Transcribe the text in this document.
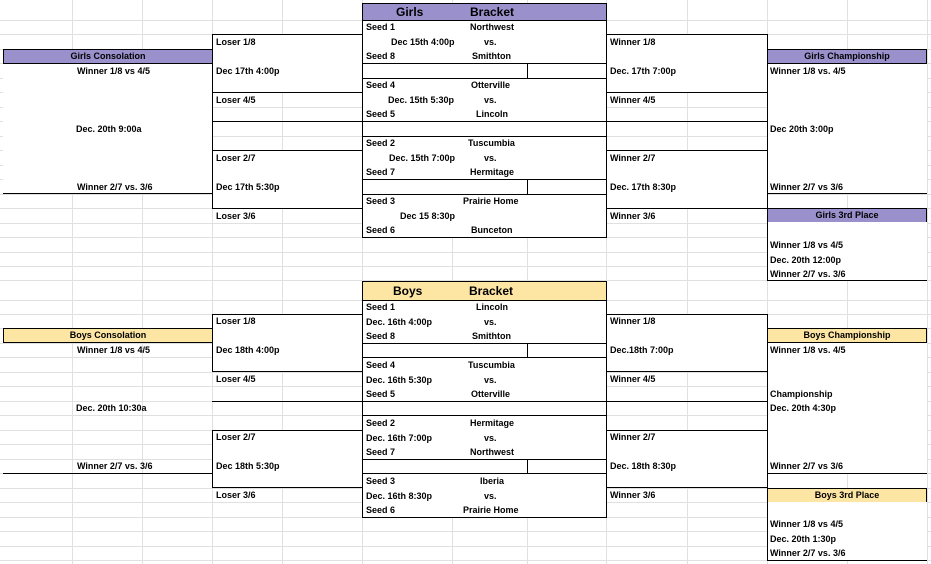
Girls	Bracket
Seed 1	Northwest
Dec 15th 4:00p	vs.
Seed 8	Smithton
Seed 4	Otterville
Dec. 15th 5:30p	vs.
Seed 5	Lincoln
Seed 2	Tuscumbia
Dec. 15th 7:00p	vs.
Seed 7	Hermitage
Seed 3	Prairie Home
Dec 15 8:30p
Seed 6	Bunceton
Loser 1/8
Dec 17th 4:00p
Loser 4/5
Loser 2/7
Dec 17th 5:30p
Loser 3/6
Winner 1/8
Dec. 17th 7:00p
Winner 4/5
Winner 2/7
Dec. 17th 8:30p
Winner 3/6
Girls Consolation
Winner 1/8 vs 4/5
Dec. 20th 9:00a
Winner 2/7 vs. 3/6
Girls Championship
Winner 1/8 vs. 4/5
Dec 20th 3:00p
Winner 2/7 vs 3/6
Girls 3rd Place
Winner 1/8 vs 4/5
Dec. 20th 12:00p
Winner 2/7 vs. 3/6
Boys	Bracket
Seed 1	Lincoln
Dec. 16th 4:00p	vs.
Seed 8	Smithton
Seed 4	Tuscumbia
Dec. 16th 5:30p	vs.
Seed 5	Otterville
Seed 2	Hermitage
Dec. 16th 7:00p	vs.
Seed 7	Northwest
Seed 3	Iberia
Dec. 16th 8:30p	vs.
Seed 6	Prairie Home
Loser 1/8
Dec 18th 4:00p
Loser 4/5
Loser 2/7
Dec 18th 5:30p
Loser 3/6
Winner 1/8
Dec.18th 7:00p
Winner 4/5
Winner 2/7
Dec. 18th 8:30p
Winner 3/6
Boys Consolation
Winner 1/8 vs 4/5
Dec. 20th 10:30a
Winner 2/7 vs. 3/6
Boys Championship
Winner 1/8 vs. 4/5
Championship
Dec. 20th 4:30p
Winner 2/7 vs 3/6
Boys 3rd Place
Winner 1/8 vs 4/5
Dec. 20th 1:30p
Winner 2/7 vs. 3/6
